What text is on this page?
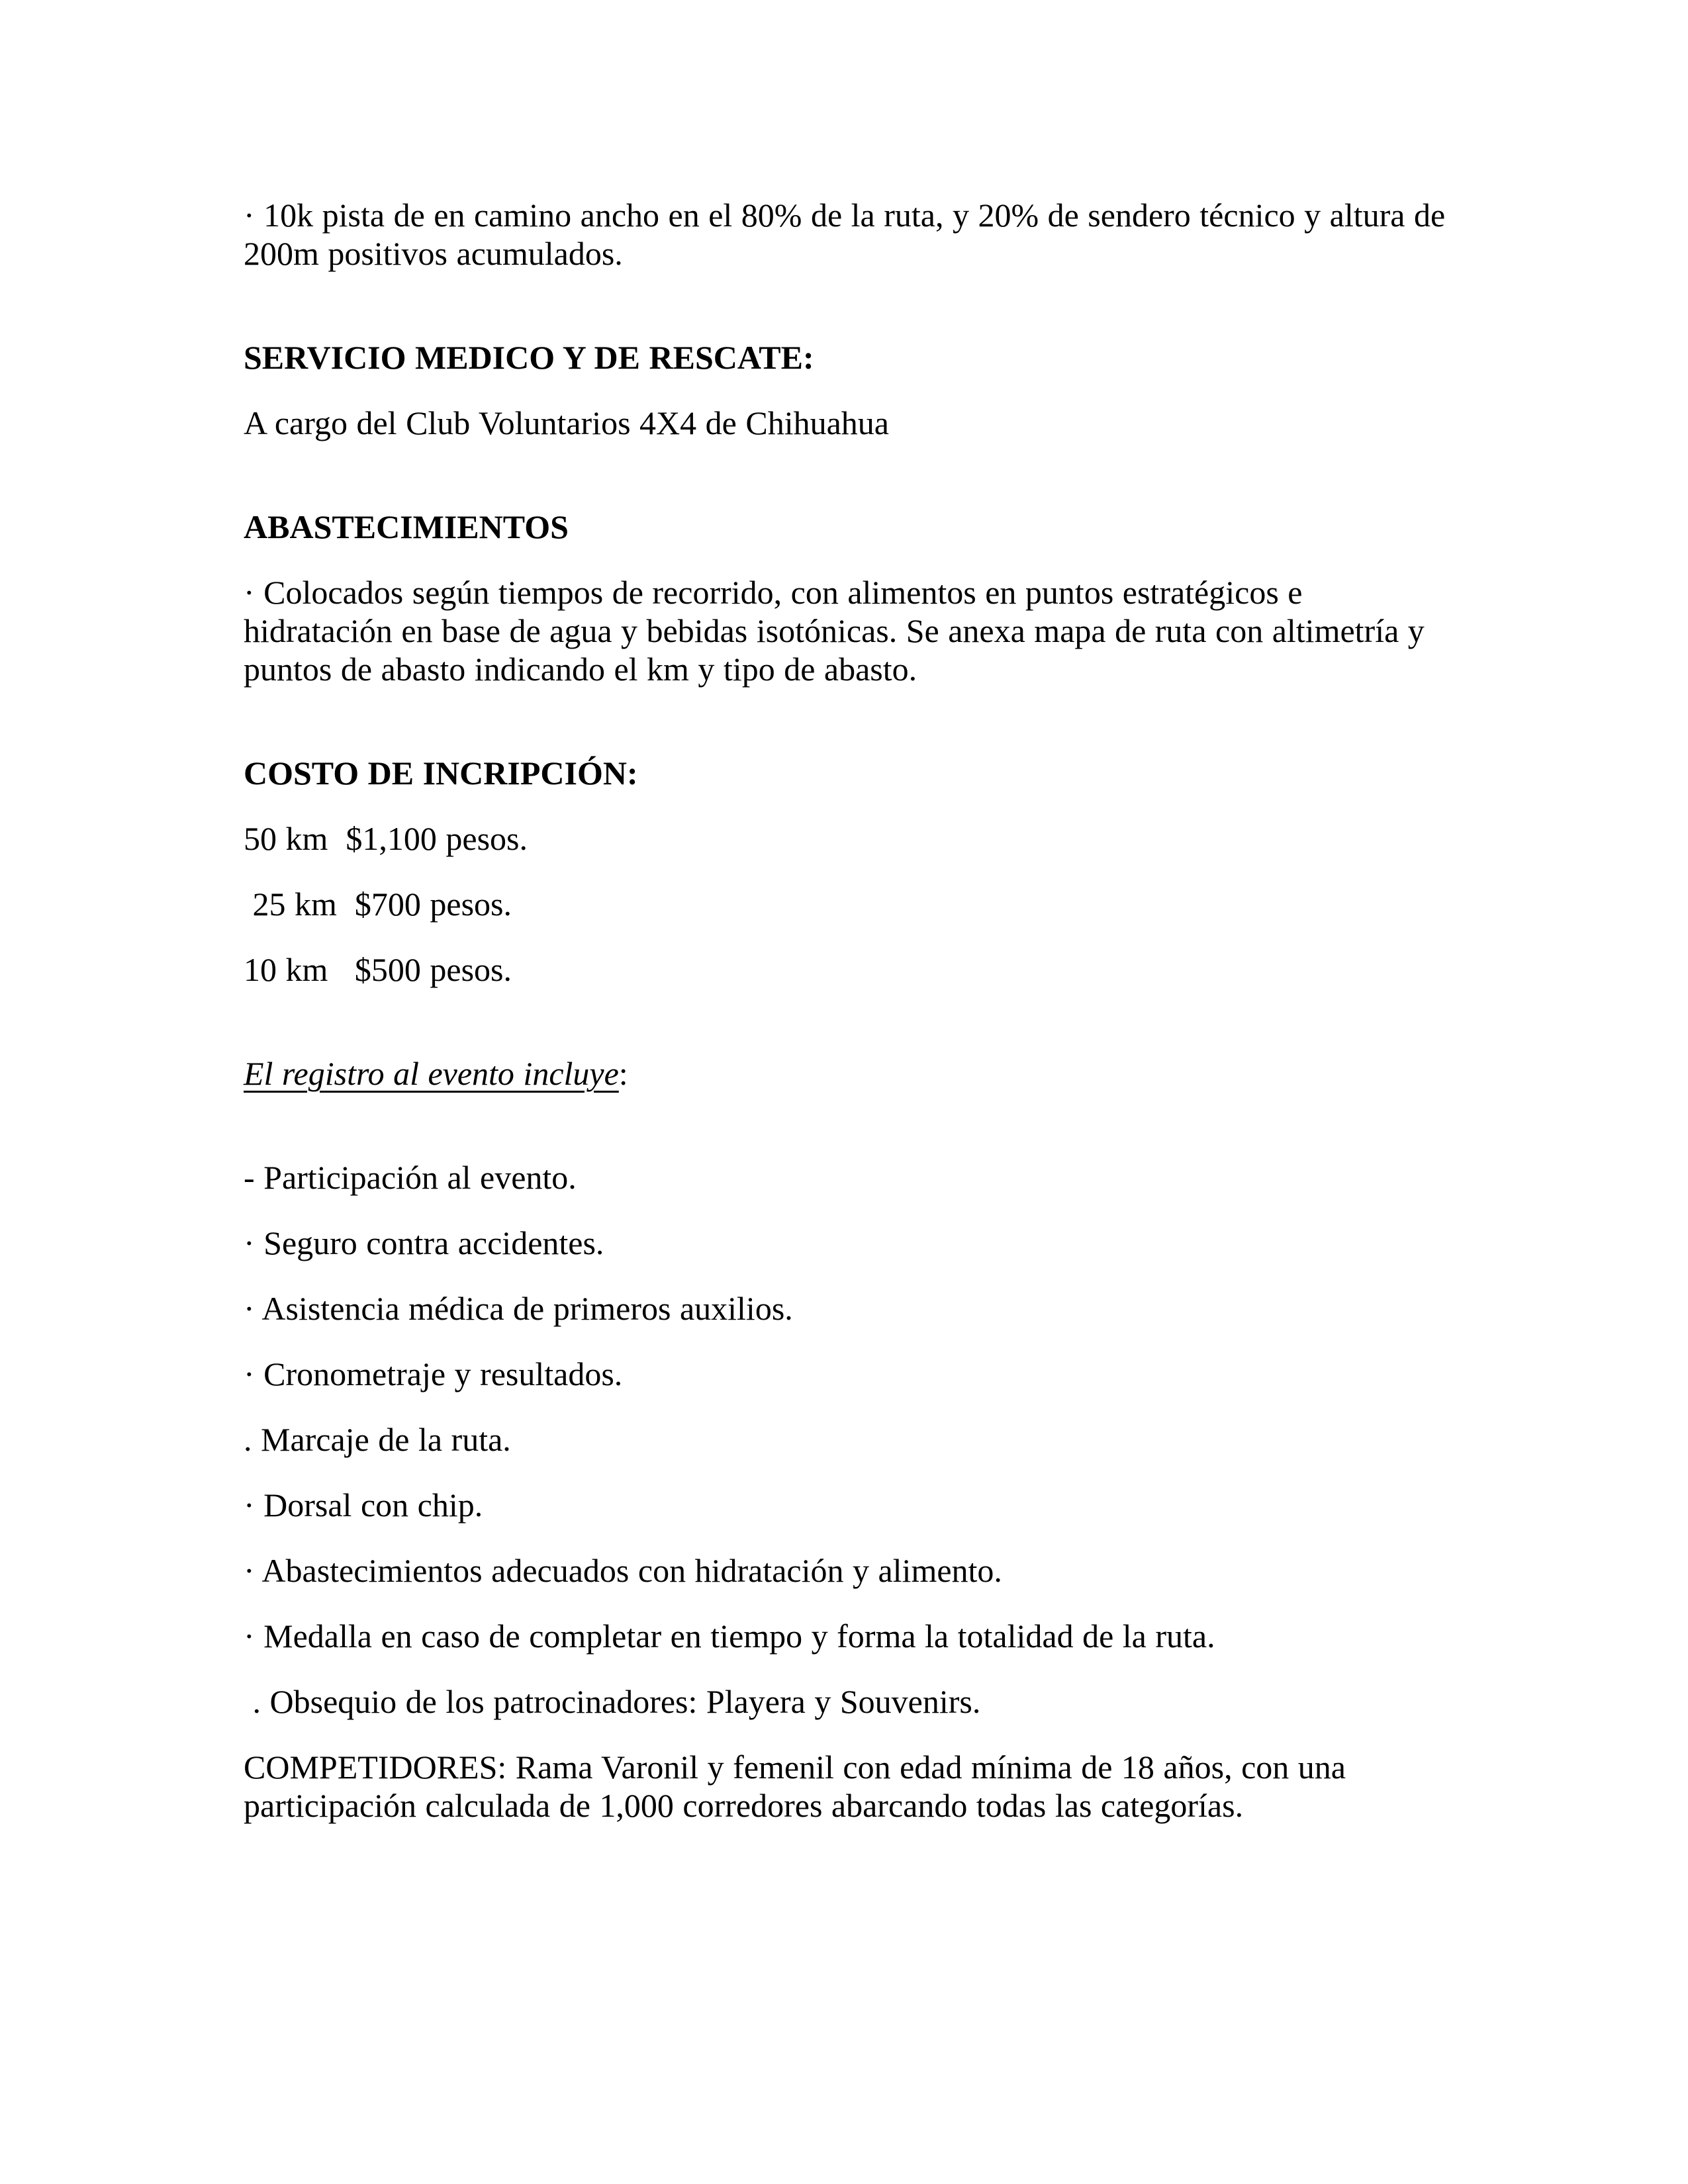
· 10k pista de en camino ancho en el 80% de la ruta, y 20% de sendero técnico y altura de 200m positivos acumulados.

SERVICIO MEDICO Y DE RESCATE:

A cargo del Club Voluntarios 4X4 de Chihuahua

ABASTECIMIENTOS

· Colocados según tiempos de recorrido, con alimentos en puntos estratégicos e hidratación en base de agua y bebidas isotónicas. Se anexa mapa de ruta con altimetría y puntos de abasto indicando el km y tipo de abasto.

COSTO DE INCRIPCIÓN:

50 km  $1,100 pesos.

25 km  $700 pesos.

10 km   $500 pesos.

El registro al evento incluye:

- Participación al evento.

· Seguro contra accidentes.

· Asistencia médica de primeros auxilios.

· Cronometraje y resultados.

. Marcaje de la ruta.

· Dorsal con chip.

· Abastecimientos adecuados con hidratación y alimento.

· Medalla en caso de completar en tiempo y forma la totalidad de la ruta.

. Obsequio de los patrocinadores: Playera y Souvenirs.

COMPETIDORES: Rama Varonil y femenil con edad mínima de 18 años, con una participación calculada de 1,000 corredores abarcando todas las categorías.
